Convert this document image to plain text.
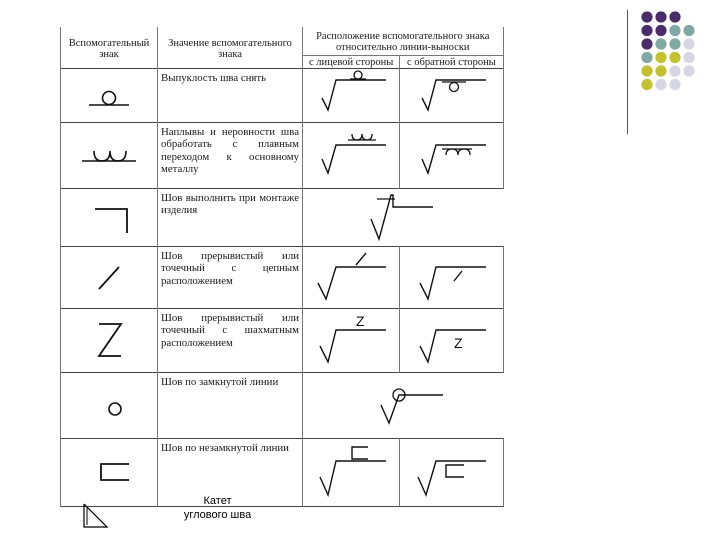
Вспомогательный знак	Значение вспомогательного знака	Расположение вспомогательного знака относительно линии-выноски	
		с лицевой стороны	с обратной стороны

	Выпуклость шва снять	

	Наплывы и неровности шва обработать с плавным переходом к основному металлу	

	Шов выполнить при монтаже изделия	

	Шов прерывистый или точечный с цепным расположением	

	Шов прерывистый или точечный с шахматным расположением	Z	Z

	Шов по замкнутой линии	

	Шов по незамкнутой линии	

Катет
углового шва
